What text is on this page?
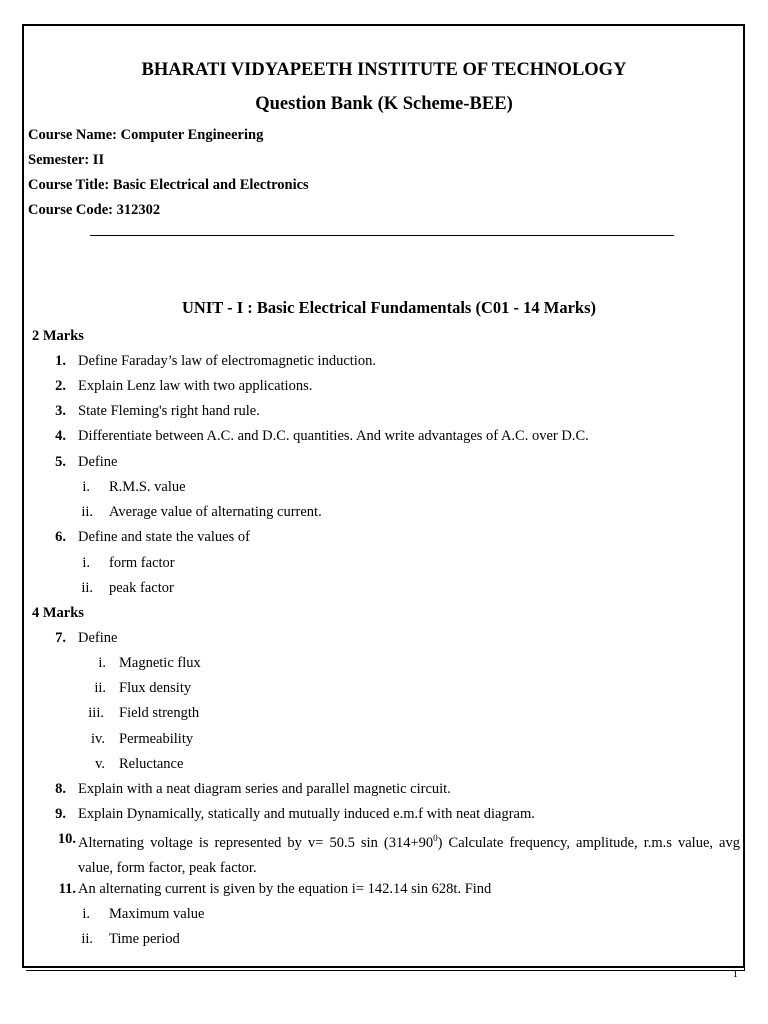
BHARATI VIDYAPEETH INSTITUTE OF TECHNOLOGY
Question Bank (K Scheme-BEE)
Course Name: Computer Engineering
Semester: II
Course Title: Basic Electrical and Electronics
Course Code: 312302
UNIT - I : Basic Electrical Fundamentals (C01 - 14 Marks)
2 Marks
1. Define Faraday’s law of electromagnetic induction.
2. Explain Lenz law with two applications.
3. State Fleming's right hand rule.
4. Differentiate between A.C. and D.C. quantities. And write advantages of A.C. over D.C.
5. Define
i. R.M.S. value
ii. Average value of alternating current.
6. Define and state the values of
i. form factor
ii. peak factor
4 Marks
7. Define
i. Magnetic flux
ii. Flux density
iii. Field strength
iv. Permeability
v. Reluctance
8. Explain with a neat diagram series and parallel magnetic circuit.
9. Explain Dynamically, statically and mutually induced e.m.f with neat diagram.
10. Alternating voltage is represented by v= 50.5 $\sin (314+90^0)$ Calculate frequency, amplitude, r.m.s value, avg value, form factor, peak factor.
11. An alternating current is given by the equation i= 142.14 sin 628t. Find
i. Maximum value
ii. Time period
1
